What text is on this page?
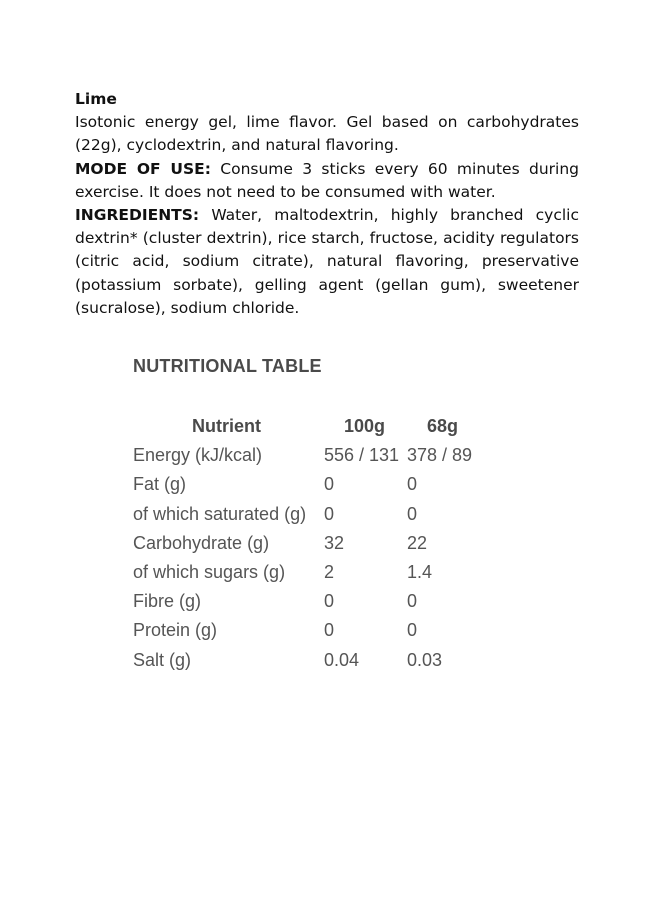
Lime

Isotonic energy gel, lime flavor. Gel based on carbohydrates (22g), cyclodextrin, and natural flavoring.

MODE OF USE: Consume 3 sticks every 60 minutes during exercise. It does not need to be consumed with water.

INGREDIENTS: Water, maltodextrin, highly branched cyclic dextrin* (cluster dextrin), rice starch, fructose, acidity regulators (citric acid, sodium citrate), natural flavoring, preservative (potassium sorbate), gelling agent (gellan gum), sweetener (sucralose), sodium chloride.

NUTRITIONAL TABLE
Nutrient	100g 68g
Energy (kJ/kcal)	556 / 131 378 / 89
Fat (g)	0	0
of which saturated (g) 0	0
Carbohydrate (g)	32	22
of which sugars (g) 2	1.4
Fibre (g)	0	0
Protein (g)	0	0
Salt (g)	0.04	0.03
